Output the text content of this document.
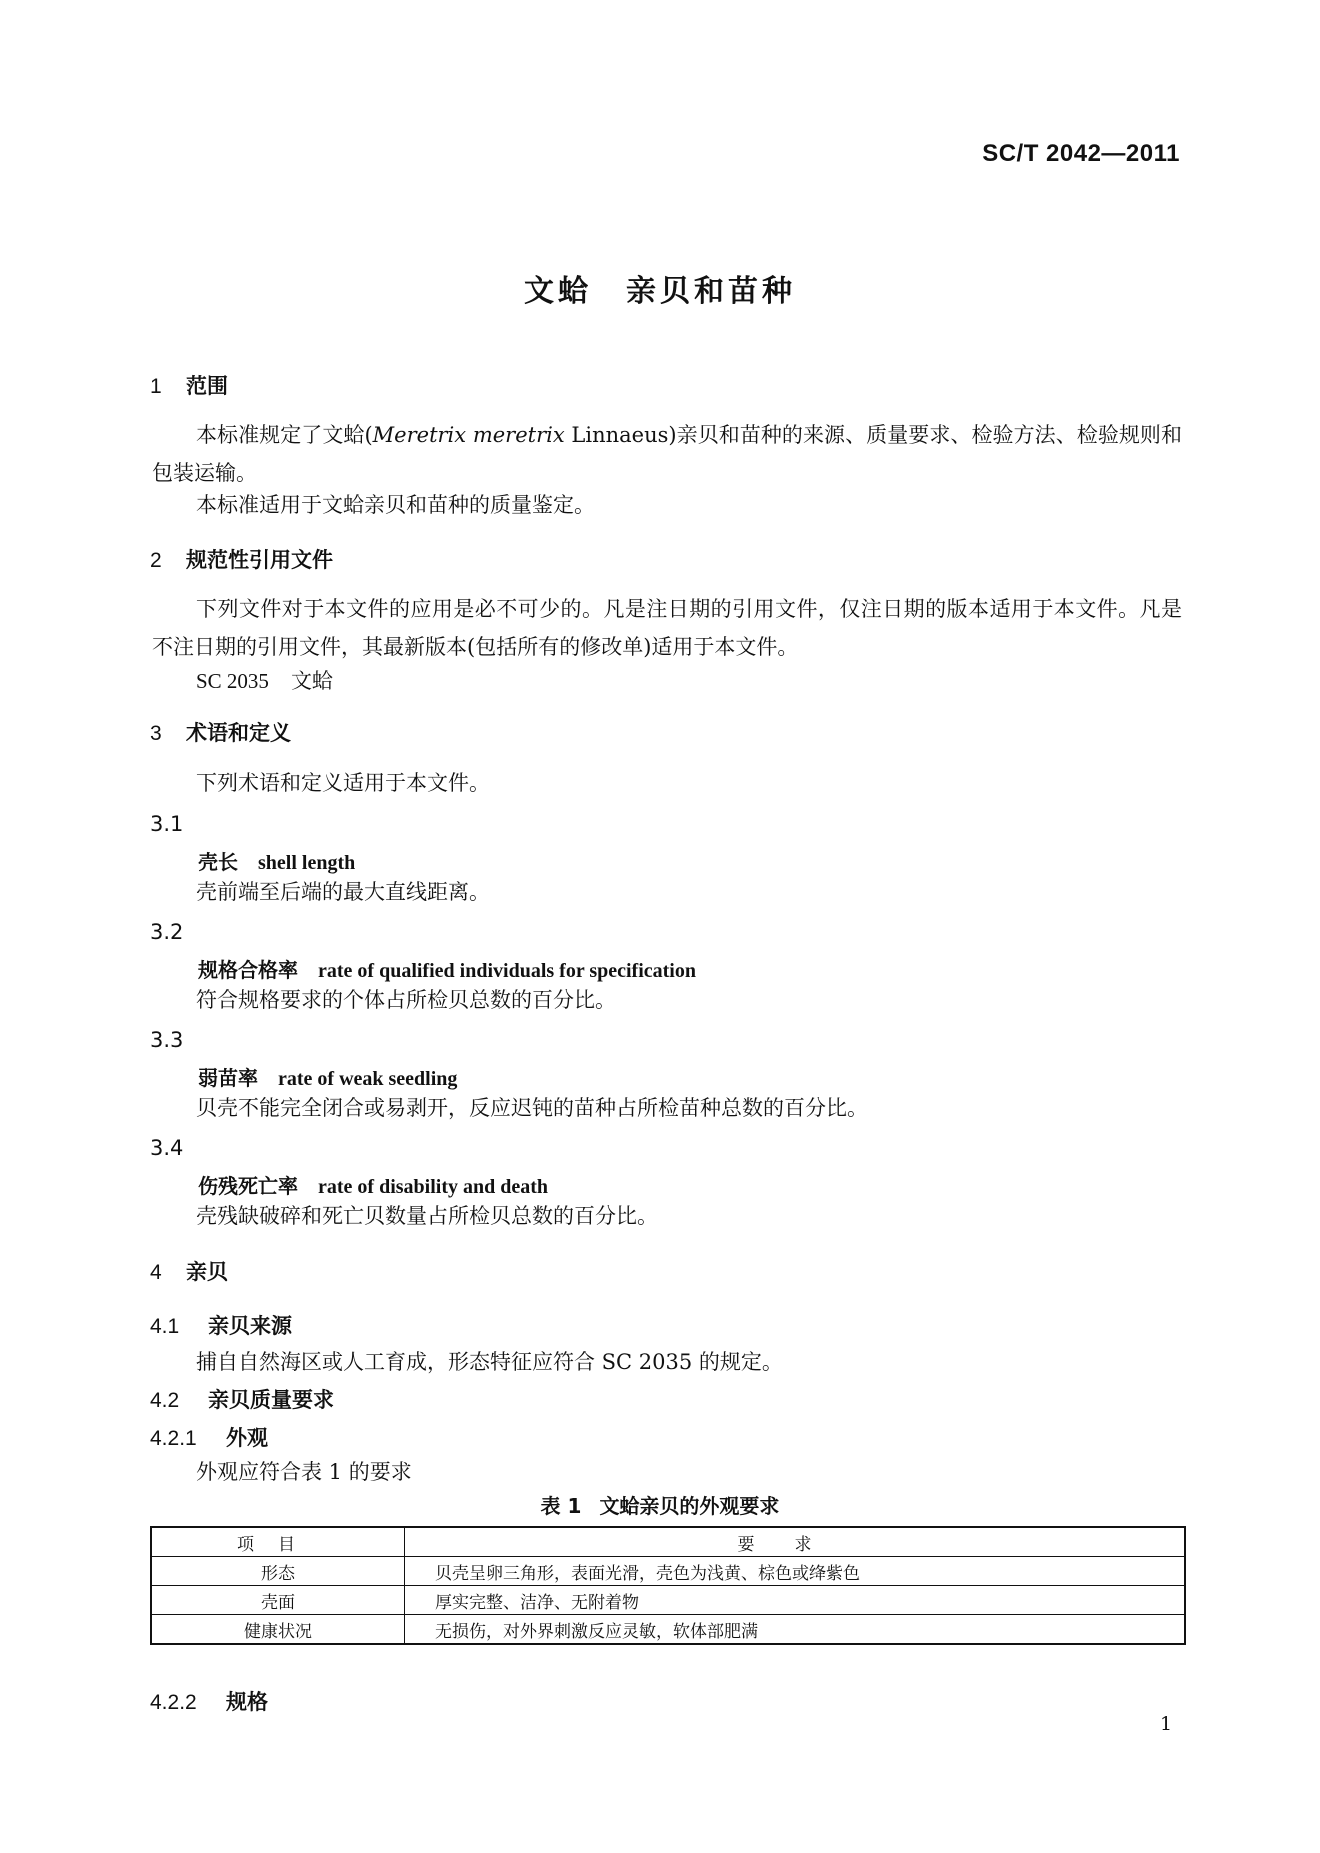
SC/T 2042—2011
文蛤 亲贝和苗种
1 范围
本标准规定了文蛤(Meretrix meretrix Linnaeus)亲贝和苗种的来源、质量要求、检验方法、检验规则和包装运输。
本标准适用于文蛤亲贝和苗种的质量鉴定。
2 规范性引用文件
下列文件对于本文件的应用是必不可少的。凡是注日期的引用文件，仅注日期的版本适用于本文件。凡是不注日期的引用文件，其最新版本(包括所有的修改单)适用于本文件。
SC 2035 文蛤
3 术语和定义
下列术语和定义适用于本文件。
3.1
壳长 shell length
壳前端至后端的最大直线距离。
3.2
规格合格率 rate of qualified individuals for specification
符合规格要求的个体占所检贝总数的百分比。
3.3
弱苗率 rate of weak seedling
贝壳不能完全闭合或易剥开，反应迟钝的苗种占所检苗种总数的百分比。
3.4
伤残死亡率 rate of disability and death
壳残缺破碎和死亡贝数量占所检贝总数的百分比。
4 亲贝
4.1 亲贝来源
捕自自然海区或人工育成，形态特征应符合 SC 2035 的规定。
4.2 亲贝质量要求
4.2.1 外观
外观应符合表 1 的要求
表 1 文蛤亲贝的外观要求
项目	要求
形态	贝壳呈卵三角形，表面光滑，壳色为浅黄、棕色或绛紫色
壳面	厚实完整、洁净、无附着物
健康状况	无损伤，对外界刺激反应灵敏，软体部肥满
4.2.2 规格
1
